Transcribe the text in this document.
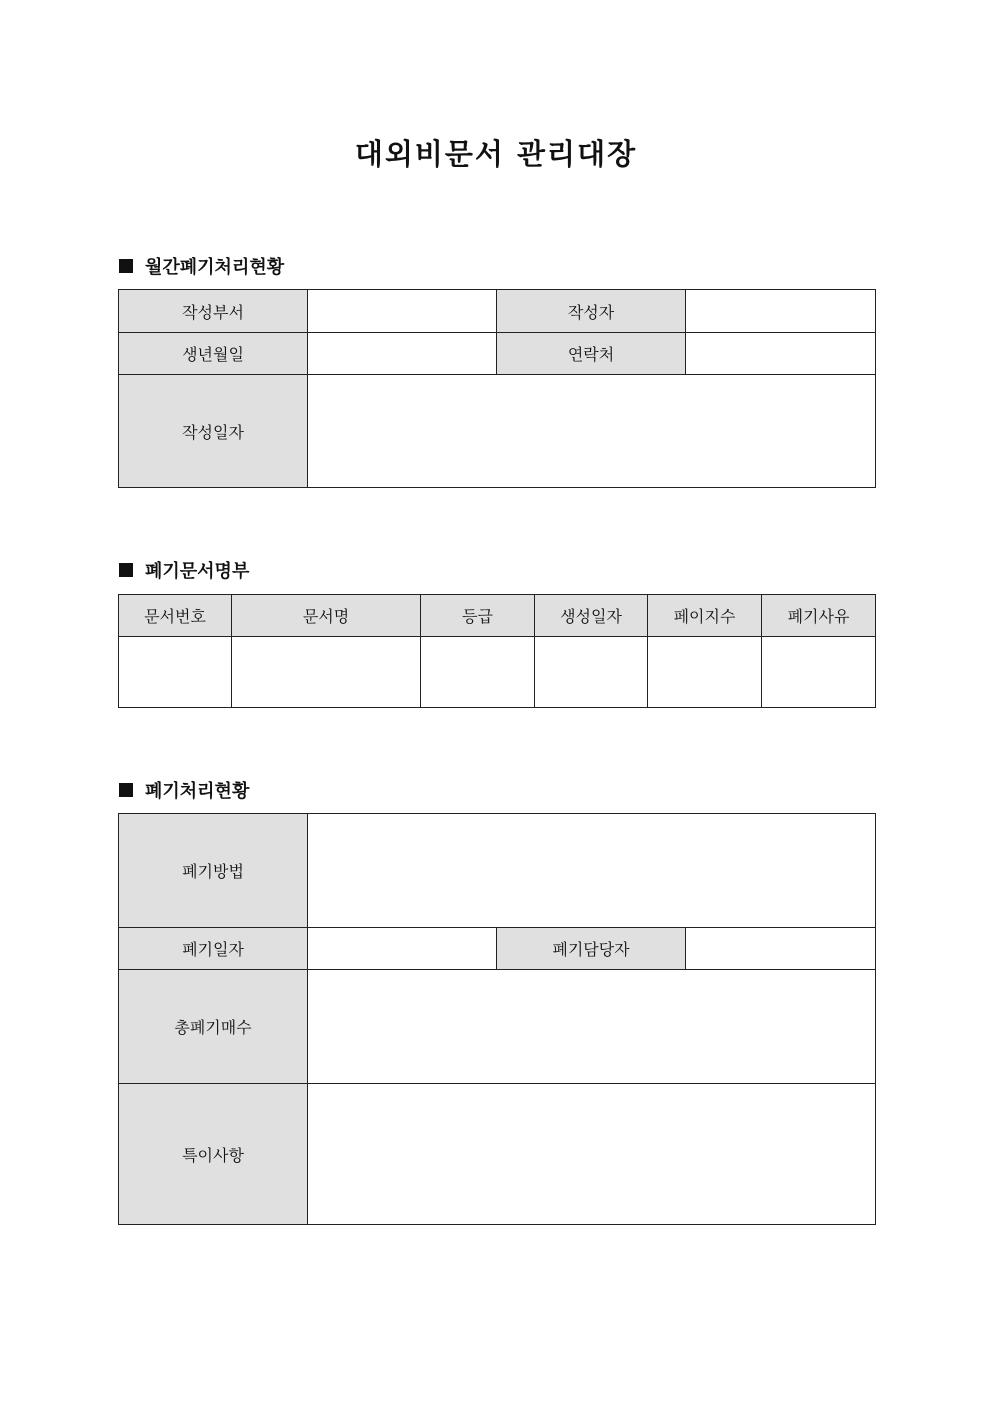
대외비문서 관리대장
월간폐기처리현황
작성부서		작성자	
생년월일		연락처	
작성일자			
폐기문서명부
문서번호	문서명	등급	생성일자	페이지수	폐기사유

폐기처리현황
폐기방법			
폐기일자		폐기담당자	
총폐기매수			
특이사항			
